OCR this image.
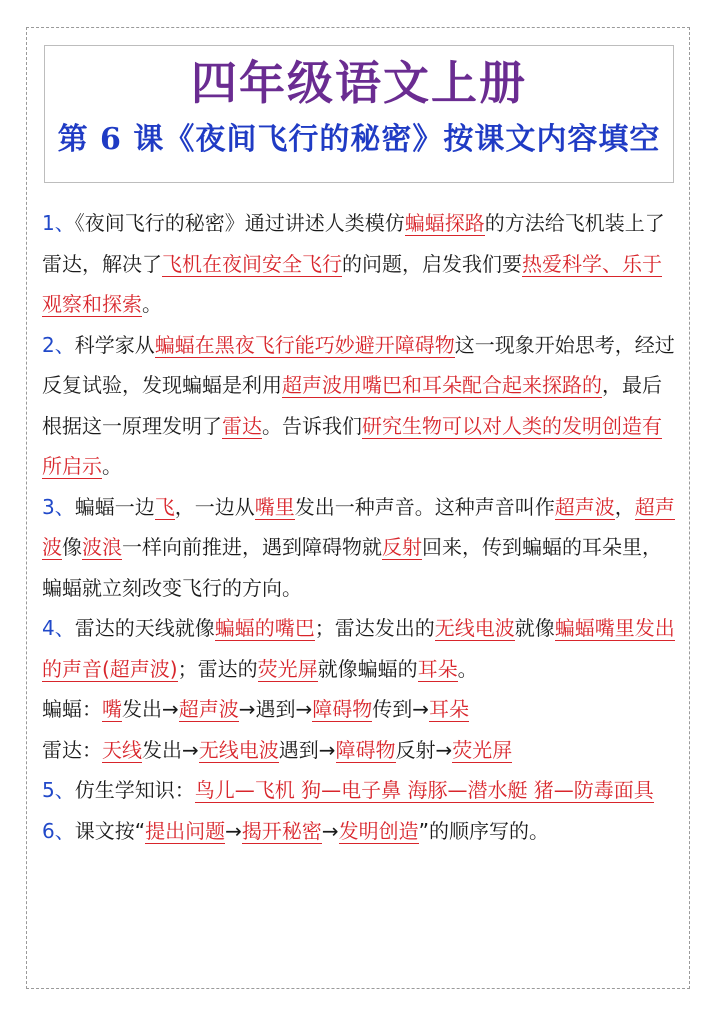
四年级语文上册
第 6 课《夜间飞行的秘密》按课文内容填空

1、《夜间飞行的秘密》通过讲述人类模仿蝙蝠探路的方法给飞机装上了雷达，解决了飞机在夜间安全飞行的问题，启发我们要热爱科学、乐于观察和探索。

2、科学家从蝙蝠在黑夜飞行能巧妙避开障碍物这一现象开始思考，经过反复试验，发现蝙蝠是利用超声波用嘴巴和耳朵配合起来探路的，最后根据这一原理发明了雷达。告诉我们研究生物可以对人类的发明创造有所启示。

3、蝙蝠一边飞，一边从嘴里发出一种声音。这种声音叫作超声波，超声波像波浪一样向前推进，遇到障碍物就反射回来，传到蝙蝠的耳朵里，蝙蝠就立刻改变飞行的方向。

4、雷达的天线就像蝙蝠的嘴巴；雷达发出的无线电波就像蝙蝠嘴里发出的声音(超声波)；雷达的荧光屏就像蝙蝠的耳朵。

蝙蝠：嘴发出→超声波→遇到→障碍物传到→耳朵

雷达：天线发出→无线电波遇到→障碍物反射→荧光屏

5、仿生学知识：鸟儿—飞机 狗—电子鼻 海豚—潜水艇 猪—防毒面具

6、课文按“提出问题→揭开秘密→发明创造”的顺序写的。
